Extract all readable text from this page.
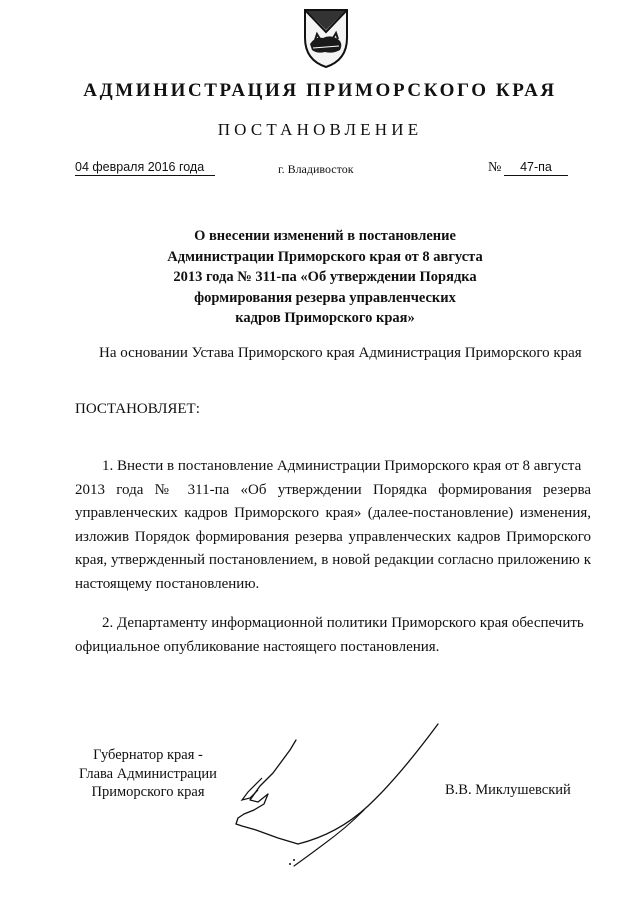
АДМИНИСТРАЦИЯ ПРИМОРСКОГО КРАЯ
ПОСТАНОВЛЕНИЕ
04 февраля 2016 года	г. Владивосток	№	47-па
О внесении изменений в постановление
Администрации Приморского края от 8 августа
2013 года № 311-па «Об утверждении Порядка
формирования резерва управленческих
кадров Приморского края»
На основании Устава Приморского края Администрация Приморского края
ПОСТАНОВЛЯЕТ:
1. Внести в постановление Администрации Приморского края от 8 августа
2013 года № 311-па «Об утверждении Порядка формирования резерва
управленческих кадров Приморского края» (далее-постановление) изменения,
изложив Порядок формирования резерва управленческих кадров Приморского
края, утвержденный постановлением, в новой редакции согласно приложению к
настоящему постановлению.
2. Департаменту информационной политики Приморского края обеспечить
официальное опубликование настоящего постановления.
Губернатор края -
Глава Администрации
Приморского края	В.В. Миклушевский
